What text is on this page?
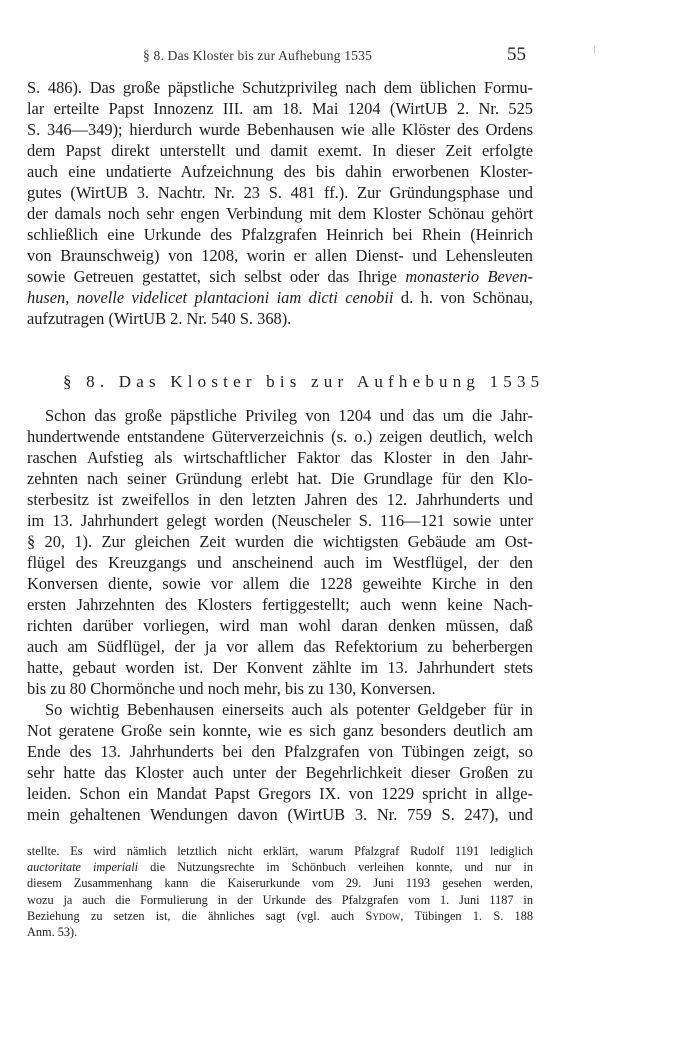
§ 8. Das Kloster bis zur Aufhebung 1535	55
S. 486). Das große päpstliche Schutzprivileg nach dem üblichen Formu-
lar erteilte Papst Innozenz III. am 18. Mai 1204 (WirtUB 2. Nr. 525
S. 346—349); hierdurch wurde Bebenhausen wie alle Klöster des Ordens
dem Papst direkt unterstellt und damit exemt. In dieser Zeit erfolgte
auch eine undatierte Aufzeichnung des bis dahin erworbenen Kloster-
gutes (WirtUB 3. Nachtr. Nr. 23 S. 481 ff.). Zur Gründungsphase und
der damals noch sehr engen Verbindung mit dem Kloster Schönau gehört
schließlich eine Urkunde des Pfalzgrafen Heinrich bei Rhein (Heinrich
von Braunschweig) von 1208, worin er allen Dienst- und Lehensleuten
sowie Getreuen gestattet, sich selbst oder das Ihrige monasterio Beven-
husen, novelle videlicet plantacioni iam dicti cenobii d. h. von Schönau,
aufzutragen (WirtUB 2. Nr. 540 S. 368).
§ 8. Das Kloster bis zur Aufhebung 1535
Schon das große päpstliche Privileg von 1204 und das um die Jahr-
hundertwende entstandene Güterverzeichnis (s. o.) zeigen deutlich, welch
raschen Aufstieg als wirtschaftlicher Faktor das Kloster in den Jahr-
zehnten nach seiner Gründung erlebt hat. Die Grundlage für den Klo-
sterbesitz ist zweifellos in den letzten Jahren des 12. Jahrhunderts und
im 13. Jahrhundert gelegt worden (Neuscheler S. 116—121 sowie unter
§ 20, 1). Zur gleichen Zeit wurden die wichtigsten Gebäude am Ost-
flügel des Kreuzgangs und anscheinend auch im Westflügel, der den
Konversen diente, sowie vor allem die 1228 geweihte Kirche in den
ersten Jahrzehnten des Klosters fertiggestellt; auch wenn keine Nach-
richten darüber vorliegen, wird man wohl daran denken müssen, daß
auch am Südflügel, der ja vor allem das Refektorium zu beherbergen
hatte, gebaut worden ist. Der Konvent zählte im 13. Jahrhundert stets
bis zu 80 Chormönche und noch mehr, bis zu 130, Konversen.
So wichtig Bebenhausen einerseits auch als potenter Geldgeber für in
Not geratene Große sein konnte, wie es sich ganz besonders deutlich am
Ende des 13. Jahrhunderts bei den Pfalzgrafen von Tübingen zeigt, so
sehr hatte das Kloster auch unter der Begehrlichkeit dieser Großen zu
leiden. Schon ein Mandat Papst Gregors IX. von 1229 spricht in allge-
mein gehaltenen Wendungen davon (WirtUB 3. Nr. 759 S. 247), und
stellte. Es wird nämlich letztlich nicht erklärt, warum Pfalzgraf Rudolf 1191 lediglich
auctoritate imperiali die Nutzungsrechte im Schönbuch verleihen konnte, und nur in
diesem Zusammenhang kann die Kaiserurkunde vom 29. Juni 1193 gesehen werden,
wozu ja auch die Formulierung in der Urkunde des Pfalzgrafen vom 1. Juni 1187 in
Beziehung zu setzen ist, die ähnliches sagt (vgl. auch Sydow, Tübingen 1. S. 188
Anm. 53).
